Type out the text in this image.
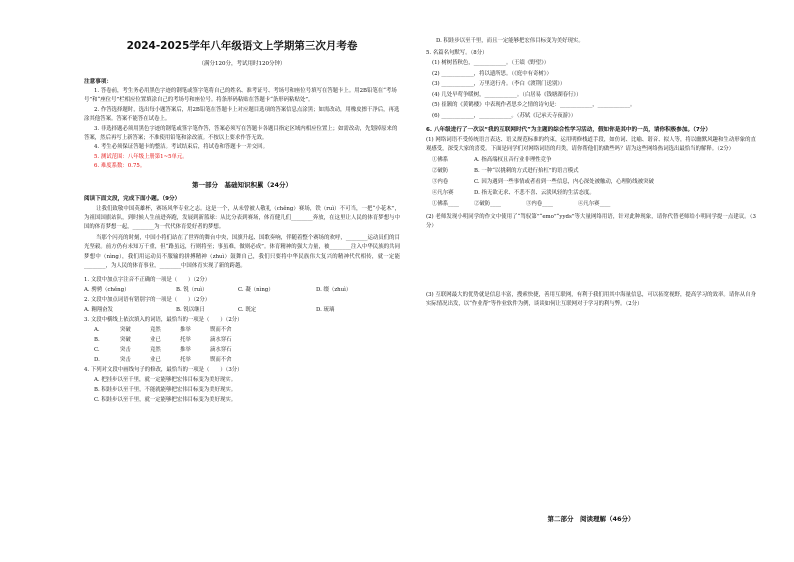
2024-2025学年八年级语文上学期第三次月考卷
（满分120分，考试用时120分钟）
注意事项：

1. 答卷前，考生务必用黑色字迹的钢笔或签字笔将自己的姓名、准考证号、考场号和座位号填写在答题卡上。用2B铅笔在“考场号”和“座位号”栏相应位置填涂自己的考场号和座位号。将条形码粘贴在答题卡“条形码粘贴处”。

2. 作答选择题时，选出每小题答案后，用2B铅笔在答题卡上对应题目选项的答案信息点涂黑；如需改动，用橡皮擦干净后，再选涂其他答案。答案不能答在试卷上。

3. 非选择题必须用黑色字迹的钢笔或签字笔作答，答案必须写在答题卡各题目指定区域内相应位置上；如需改动，先划掉原来的答案，然后再写上新答案；不准使用铅笔和涂改液。不按以上要求作答无效。

4. 考生必须保证答题卡的整洁。考试结束后，将试卷和答题卡一并交回。

5. 测试范围：八年级上册第1~5单元。

6. 难度系数：0.75。

第一部分　基础知识积累（24分）
阅读下面文段，完成下面小题。（9分）

让我们致敬中国英雄杯，赛场风华专业之志。这是一个，从未曾被人敬礼（chěng）赛场，铁（ruì）不可当，一把“小花木”，为祖国国旗站队，到时候人生前进奔跑，发展到新篮球：从比分表到赛场，体育健儿们________奔放，在这里让人民的体育梦想与中国的体育梦想一起，________为一代代体育爱好者的梦想。

当那个闪亮的时刻，中国小将们站在了世界的舞台中央，国旗升起、国歌奏响，伴随着整个赛场的欢呼，________运动员们的目光坚毅。前方仍有未知万千重，但“路虽远，行则将至；事虽难，做则必成”。体育精神的强大力量，被________注入中华民族的共同梦想中（nìng），我们用运动员不服输的拼搏精神（zhuì）鼓舞自己，我们只要将中华民族伟大复兴的精神代代相传，就一定能________，为人民的体育事业，________中国体育实现了新的跨越。

1. 文段中加点字注音不正确的一项是（　　）（2分）
A. 骋骋（chěng）	B. 锐（ruì）	C. 凝（nìng）	D. 缀（zhuì）
2. 文段中加点词语有错别字的一项是（　　）（2分）
A. 翱翔奋发	B. 锐以继日	C. 既定	D. 琉璃
3. 文段中横线上依次填入的词语，最恰当的一项是（　　）（2分）
A.	突破	竟然	推举	锲而不舍
B.	突破	业已	托举	滴水穿石
C.	突击	竟然	推举	滴水穿石
D.	突击	业已	托举	锲而不舍
4. 下列对文段中画线句子的修改，最恰当的一项是（　　）（3分）
A. 把挂步以至千里，就一定能够把宏伟目标变为美好现实。
B. 积跬步以至千里，不能就能够把宏伟目标变为美好现实。
C. 积跬步以至千里，就一定能够把宏伟目标变为美好现实。
D. 积跬步以至千里，而且一定能够把宏伟目标变为美好现实。
5. 名篇名句默写。（8分）
(1) 树树皆秋色，____________。（王绩《野望》）
(2) ____________，将以遗所思。（《庭中有奇树》）
(3) ____________，万里送行舟。（李白《渡荆门送别》）
(4) 几处早莺争暖树，____________。（白居易《钱塘湖春行》）
(5) 崔颢的《黄鹤楼》中表现作者思乡之情的诗句是：____________，____________。
(6) ____________，____________。（苏轼《记承天寺夜游》）

6. 八年级进行了一次以“我的互联网时代”为主题的综合性学习活动，假如你是其中的一员，请你积极参加。（7分）

(1) 网络词语不受传统语言表达、语义规范标准的约束，运用明修栈道手段，如仿词、比喻、谐音、拟人等，将以幽默风趣和生动形象的直观感受，深受大家的喜爱。下面是同学们对网络词语的归类，请你帮他们的做些吗？请为这些网络热词选出最恰当的解释。（2分）

①佛系	A. 指高端权且音行业非理性竞争
②破防	B. 一种“以挑刺的方式进行抬杠”的语言模式
③内卷	C. 因为遇到一些事情或者看到一些信息，内心深处被触动，心理防线被突破
④凡尔赛	D. 指无欲无求、不悲不喜、云淡风轻的生活态度。
①佛系____	②破防____	③内卷____	④凡尔赛____

(2) 老师发现小明同学的作文中使用了“驾驭第”“emo”“yyds”等大量网络用语，针对此种现象，请你代替老师给小明同学提一点建议。（3分）

(3) 互联网最大的优势就是信息丰富，搜索快捷，善用互联网，有利于我们用其中海量信息，可以拓宽视野，提高学习的效率。请你从自身实际情况出发，以“作业帮”等作业软件为例，谈谈如何让互联网对于学习的利与弊。（2分）

第二部分　阅读理解（46分）
